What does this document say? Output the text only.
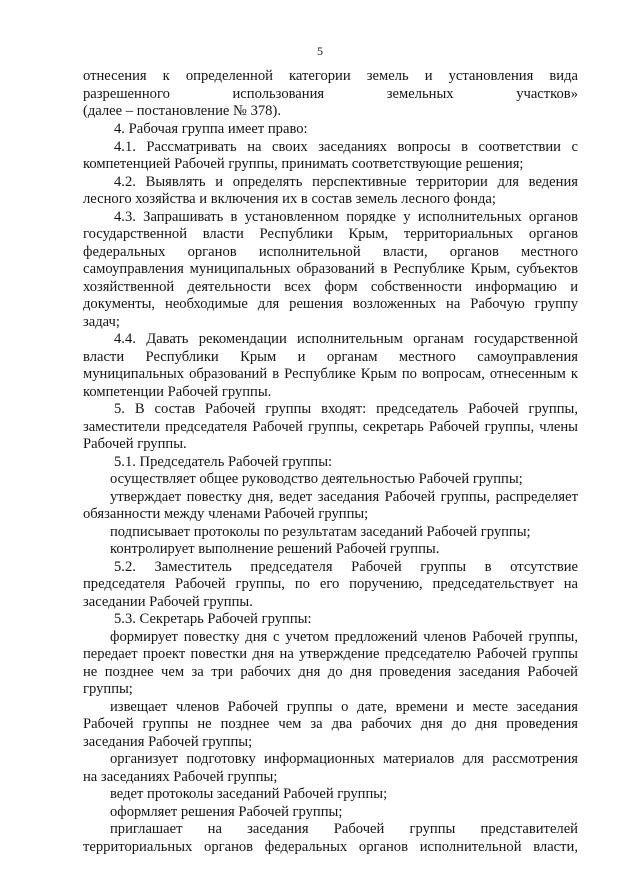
5
отнесения к определенной категории земель и установления вида
разрешенного использования земельных участков»
(далее – постановление № 378).
4. Рабочая группа имеет право:
4.1. Рассматривать на своих заседаниях вопросы в соответствии с
компетенцией Рабочей группы, принимать соответствующие решения;
4.2. Выявлять и определять перспективные территории для ведения
лесного хозяйства и включения их в состав земель лесного фонда;
4.3. Запрашивать в установленном порядке у исполнительных органов
государственной власти Республики Крым, территориальных органов
федеральных органов исполнительной власти, органов местного
самоуправления муниципальных образований в Республике Крым, субъектов
хозяйственной деятельности всех форм собственности информацию и
документы, необходимые для решения возложенных на Рабочую группу
задач;
4.4. Давать рекомендации исполнительным органам государственной
власти Республики Крым и органам местного самоуправления
муниципальных образований в Республике Крым по вопросам, отнесенным к
компетенции Рабочей группы.
5. В состав Рабочей группы входят: председатель Рабочей группы,
заместители председателя Рабочей группы, секретарь Рабочей группы, члены
Рабочей группы.
5.1. Председатель Рабочей группы:
осуществляет общее руководство деятельностью Рабочей группы;
утверждает повестку дня, ведет заседания Рабочей группы, распределяет
обязанности между членами Рабочей группы;
подписывает протоколы по результатам заседаний Рабочей группы;
контролирует выполнение решений Рабочей группы.
5.2. Заместитель председателя Рабочей группы в отсутствие
председателя Рабочей группы, по его поручению, председательствует на
заседании Рабочей группы.
5.3. Секретарь Рабочей группы:
формирует повестку дня с учетом предложений членов Рабочей группы,
передает проект повестки дня на утверждение председателю Рабочей группы
не позднее чем за три рабочих дня до дня проведения заседания Рабочей
группы;
извещает членов Рабочей группы о дате, времени и месте заседания
Рабочей группы не позднее чем за два рабочих дня до дня проведения
заседания Рабочей группы;
организует подготовку информационных материалов для рассмотрения
на заседаниях Рабочей группы;
ведет протоколы заседаний Рабочей группы;
оформляет решения Рабочей группы;
приглашает на заседания Рабочей группы представителей
территориальных органов федеральных органов исполнительной власти,
